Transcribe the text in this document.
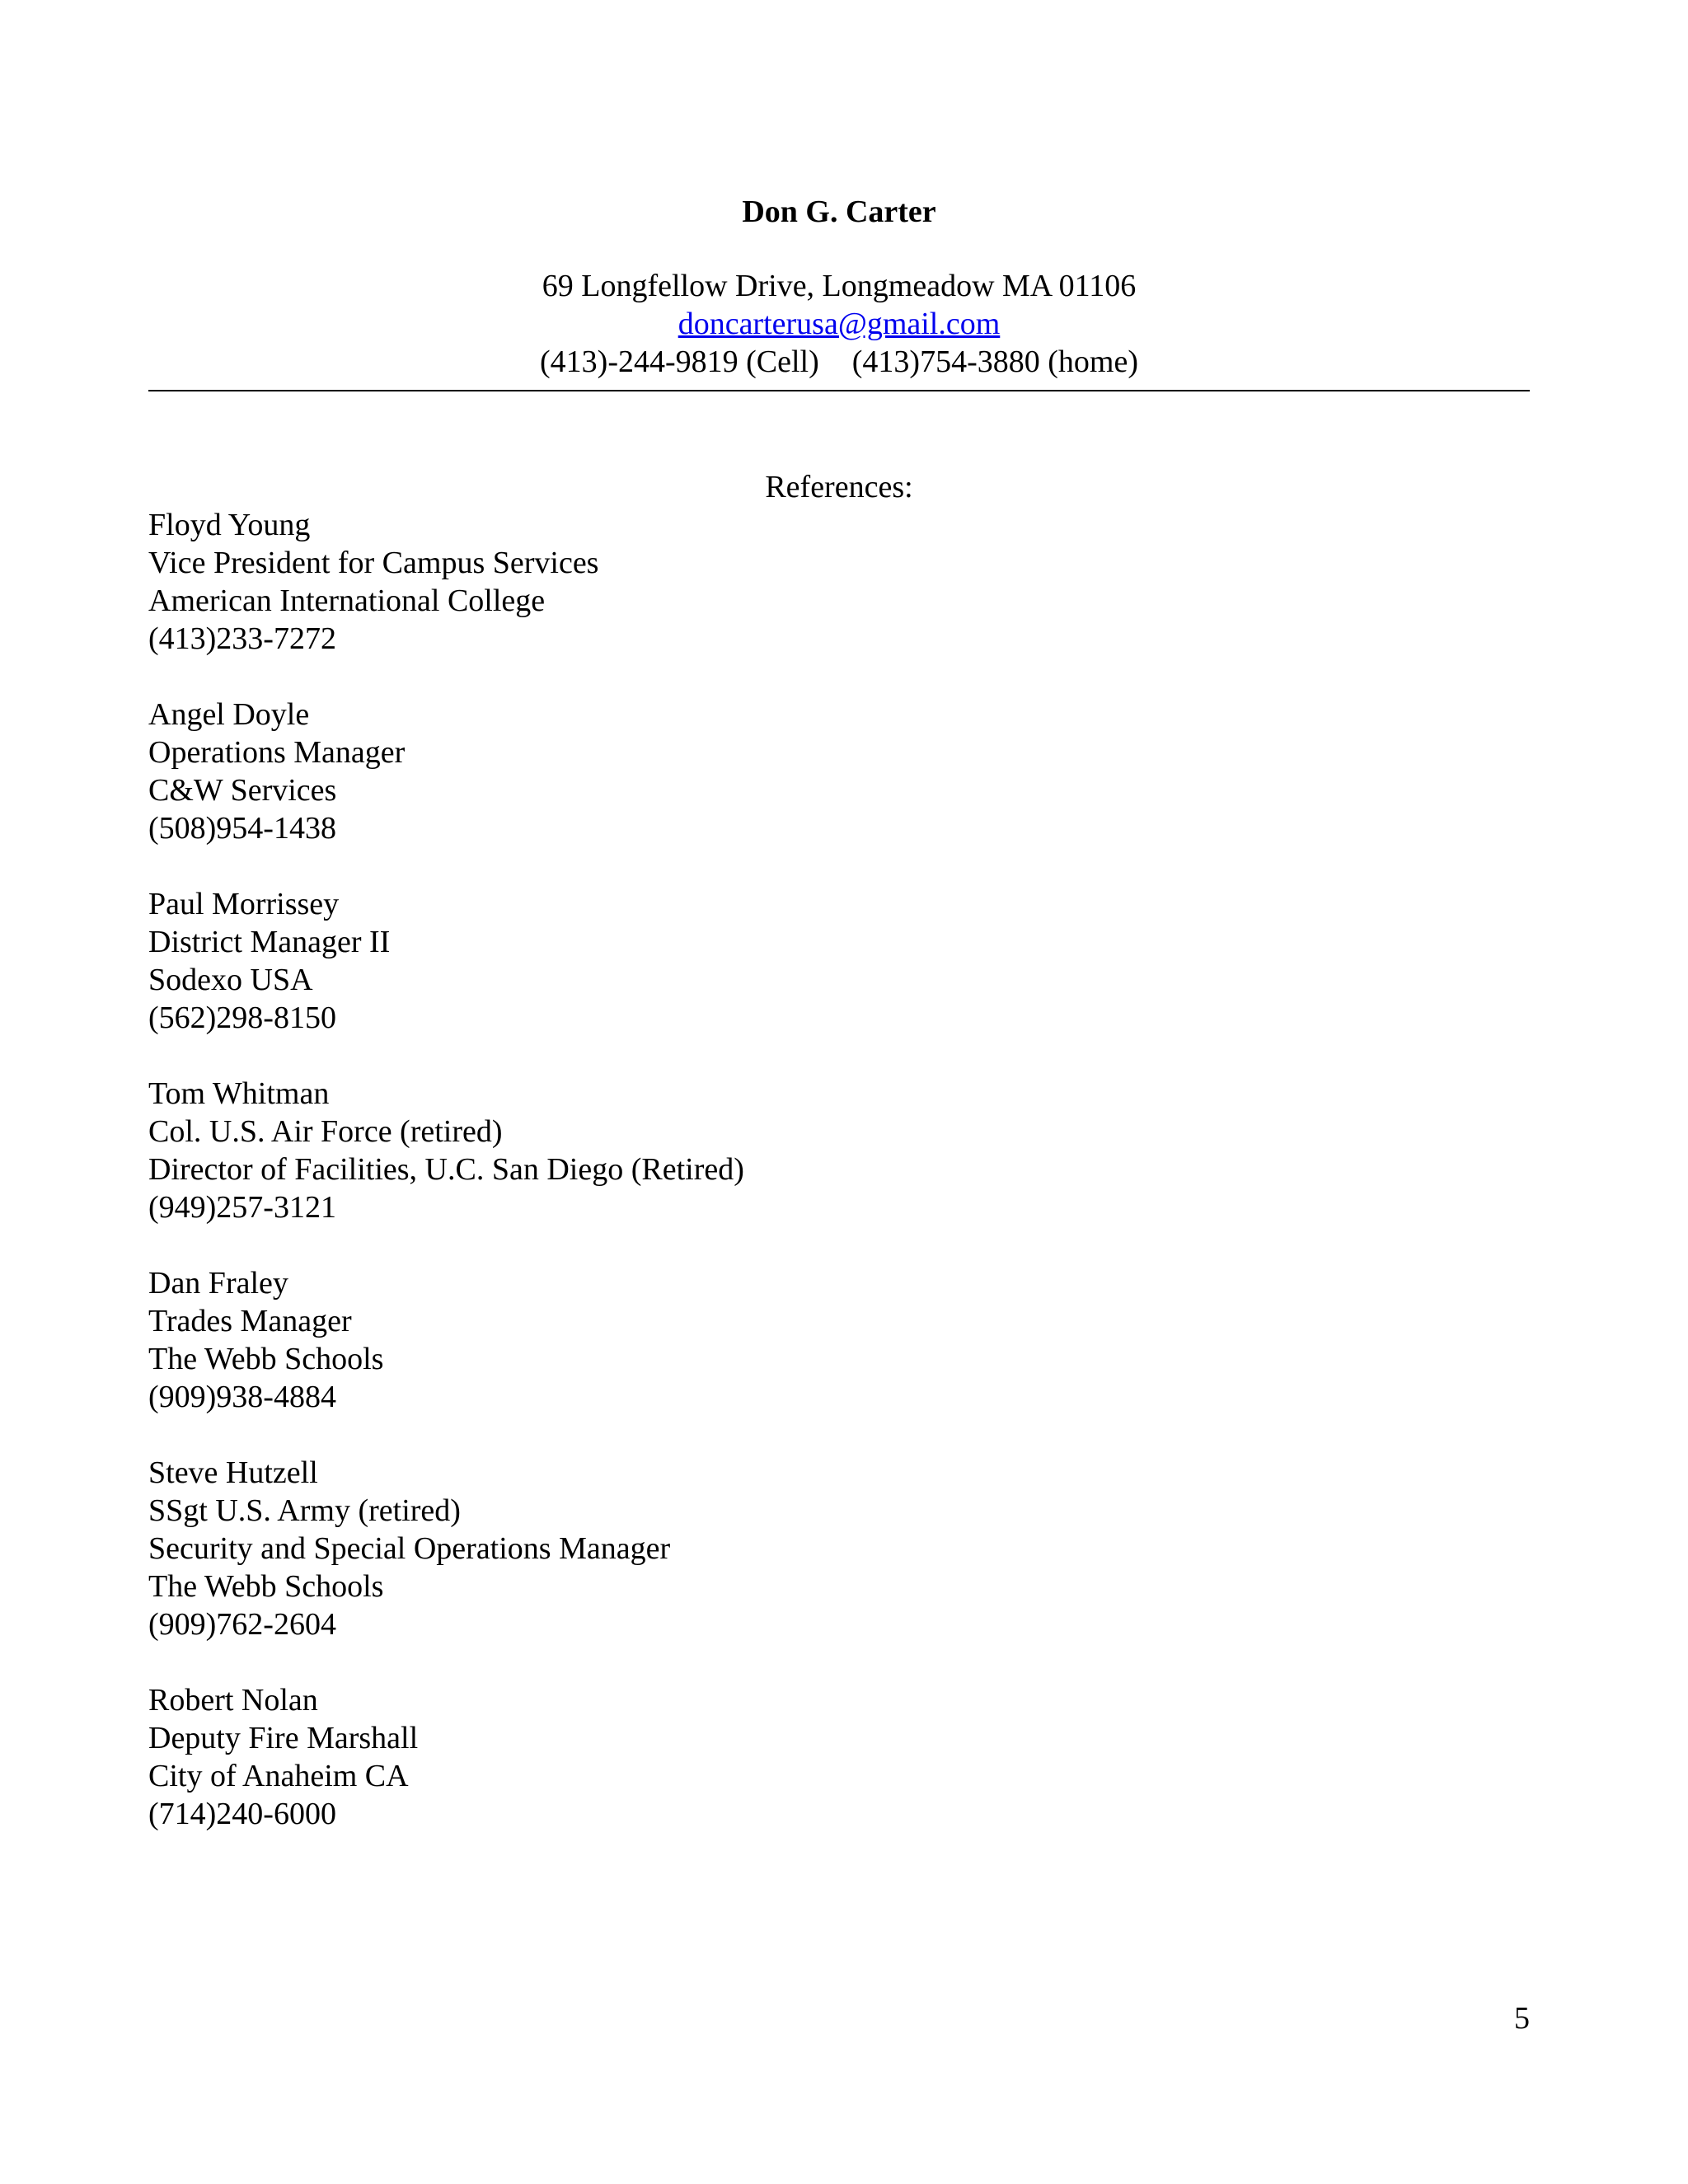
Don G. Carter
69 Longfellow Drive, Longmeadow MA 01106
doncarterusa@gmail.com
(413)-244-9819 (Cell) (413)754-3880 (home)
References:
Floyd Young
Vice President for Campus Services
American International College
(413)233-7272
Angel Doyle
Operations Manager
C&W Services
(508)954-1438
Paul Morrissey
District Manager II
Sodexo USA
(562)298-8150
Tom Whitman
Col. U.S. Air Force (retired)
Director of Facilities, U.C. San Diego (Retired)
(949)257-3121
Dan Fraley
Trades Manager
The Webb Schools
(909)938-4884
Steve Hutzell
SSgt U.S. Army (retired)
Security and Special Operations Manager
The Webb Schools
(909)762-2604
Robert Nolan
Deputy Fire Marshall
City of Anaheim CA
(714)240-6000
5
